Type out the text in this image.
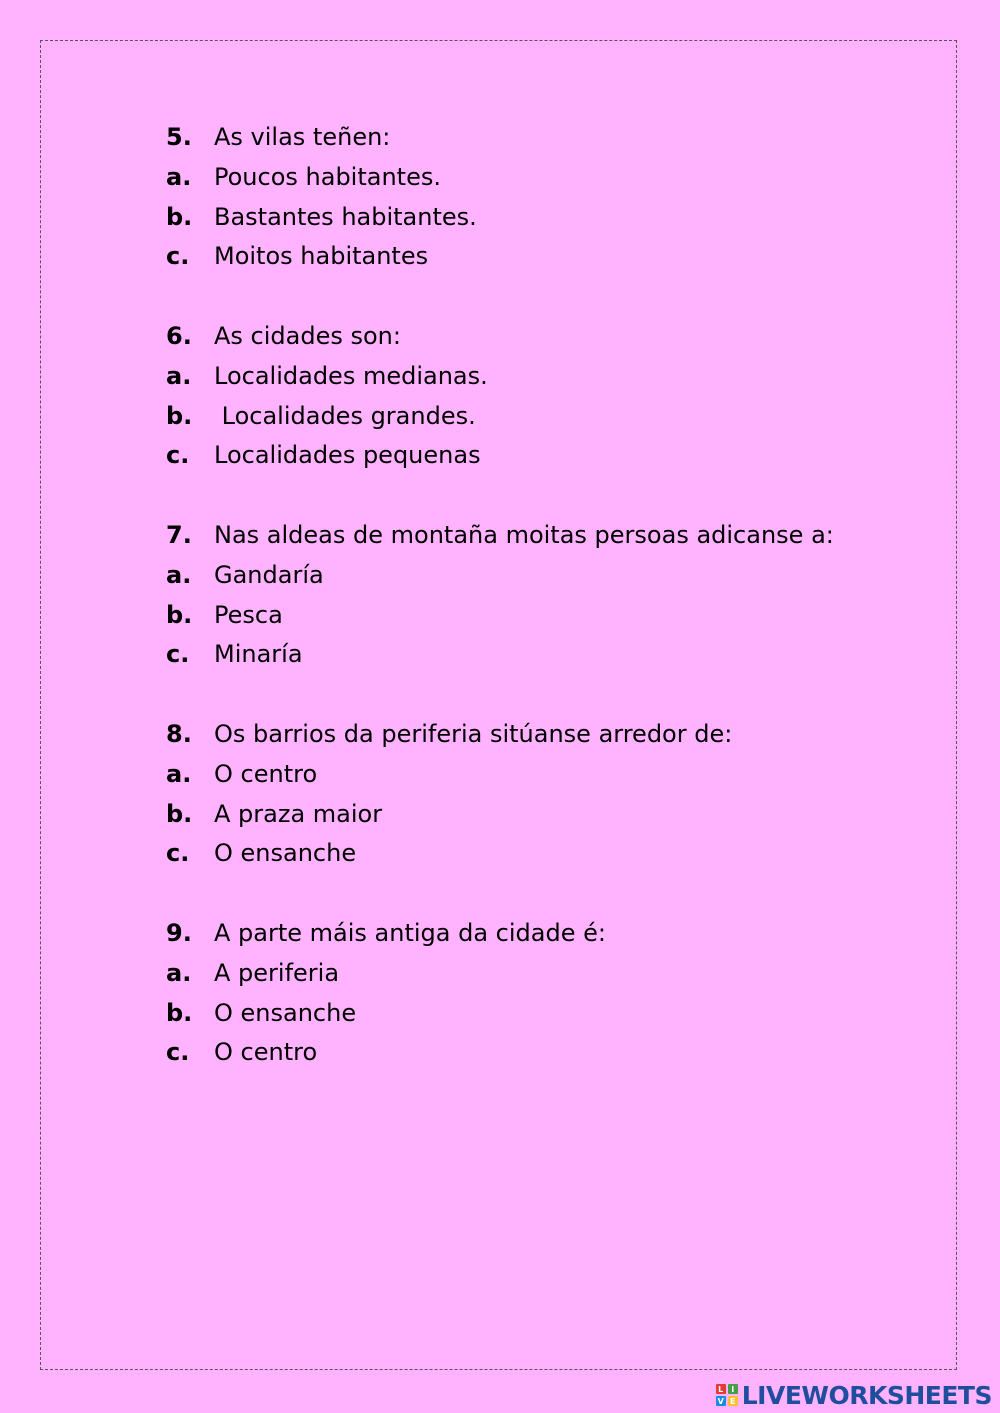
5. As vilas teñen:
a. Poucos habitantes.
b. Bastantes habitantes.
c. Moitos habitantes
6. As cidades son:
a. Localidades medianas.
b. Localidades grandes.
c. Localidades pequenas
7. Nas aldeas de montaña moitas persoas adicanse a:
a. Gandaría
b. Pesca
c. Minaría
8. Os barrios da periferia sitúanse arredor de:
a. O centro
b. A praza maior
c. O ensanche
9. A parte máis antiga da cidade é:
a. A periferia
b. O ensanche
c. O centro
L I
V E LIVEWORKSHEETS
